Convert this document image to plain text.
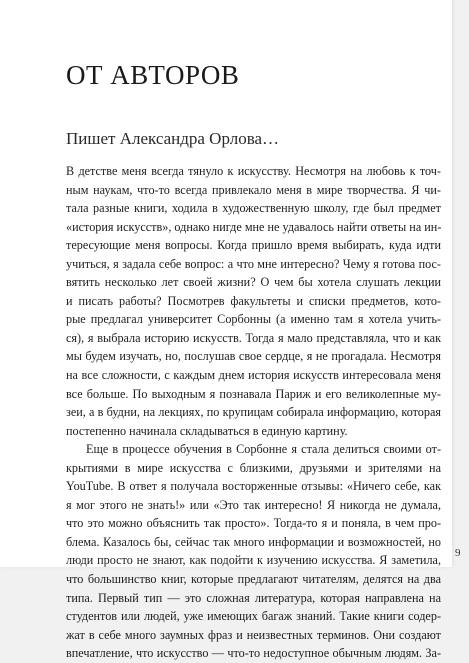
ОТ АВТОРОВ
Пишет Александра Орлова…
В детстве меня всегда тянуло к искусству. Несмотря на любовь к точ-
ным наукам, что-то всегда привлекало меня в мире творчества. Я чи-
тала разные книги, ходила в художественную школу, где был предмет
«история искусств», однако нигде мне не удавалось найти ответы на ин-
тересующие меня вопросы. Когда пришло время выбирать, куда идти
учиться, я задала себе вопрос: а что мне интересно? Чему я готова пос-
вятить несколько лет своей жизни? О чем бы хотела слушать лекции
и писать работы? Посмотрев факультеты и списки предметов, кото-
рые предлагал университет Сорбонны (а именно там я хотела учить-
ся), я выбрала историю искусств. Тогда я мало представляла, что и как
мы будем изучать, но, послушав свое сердце, я не прогадала. Несмотря
на все сложности, с каждым днем история искусств интересовала меня
все больше. По выходным я познавала Париж и его великолепные му-
зеи, а в будни, на лекциях, по крупицам собирала информацию, которая
постепенно начинала складываться в единую картину.
Еще в процессе обучения в Сорбонне я стала делиться своими от-
крытиями в мире искусства с близкими, друзьями и зрителями на
YouTube. В ответ я получала восторженные отзывы: «Ничего себе, как
я мог этого не знать!» или «Это так интересно! Я никогда не думала,
что это можно объяснить так просто». Тогда-то я и поняла, в чем про-
блема. Казалось бы, сейчас так много информации и возможностей, но
люди просто не знают, как подойти к изучению искусства. Я заметила,
что большинство книг, которые предлагают читателям, делятся на два
типа. Первый тип — это сложная литература, которая направлена на
студентов или людей, уже имеющих багаж знаний. Такие книги содер-
жат в себе много заумных фраз и неизвестных терминов. Они создают
впечатление, что искусство — что-то недоступное обычным людям. За-
9
